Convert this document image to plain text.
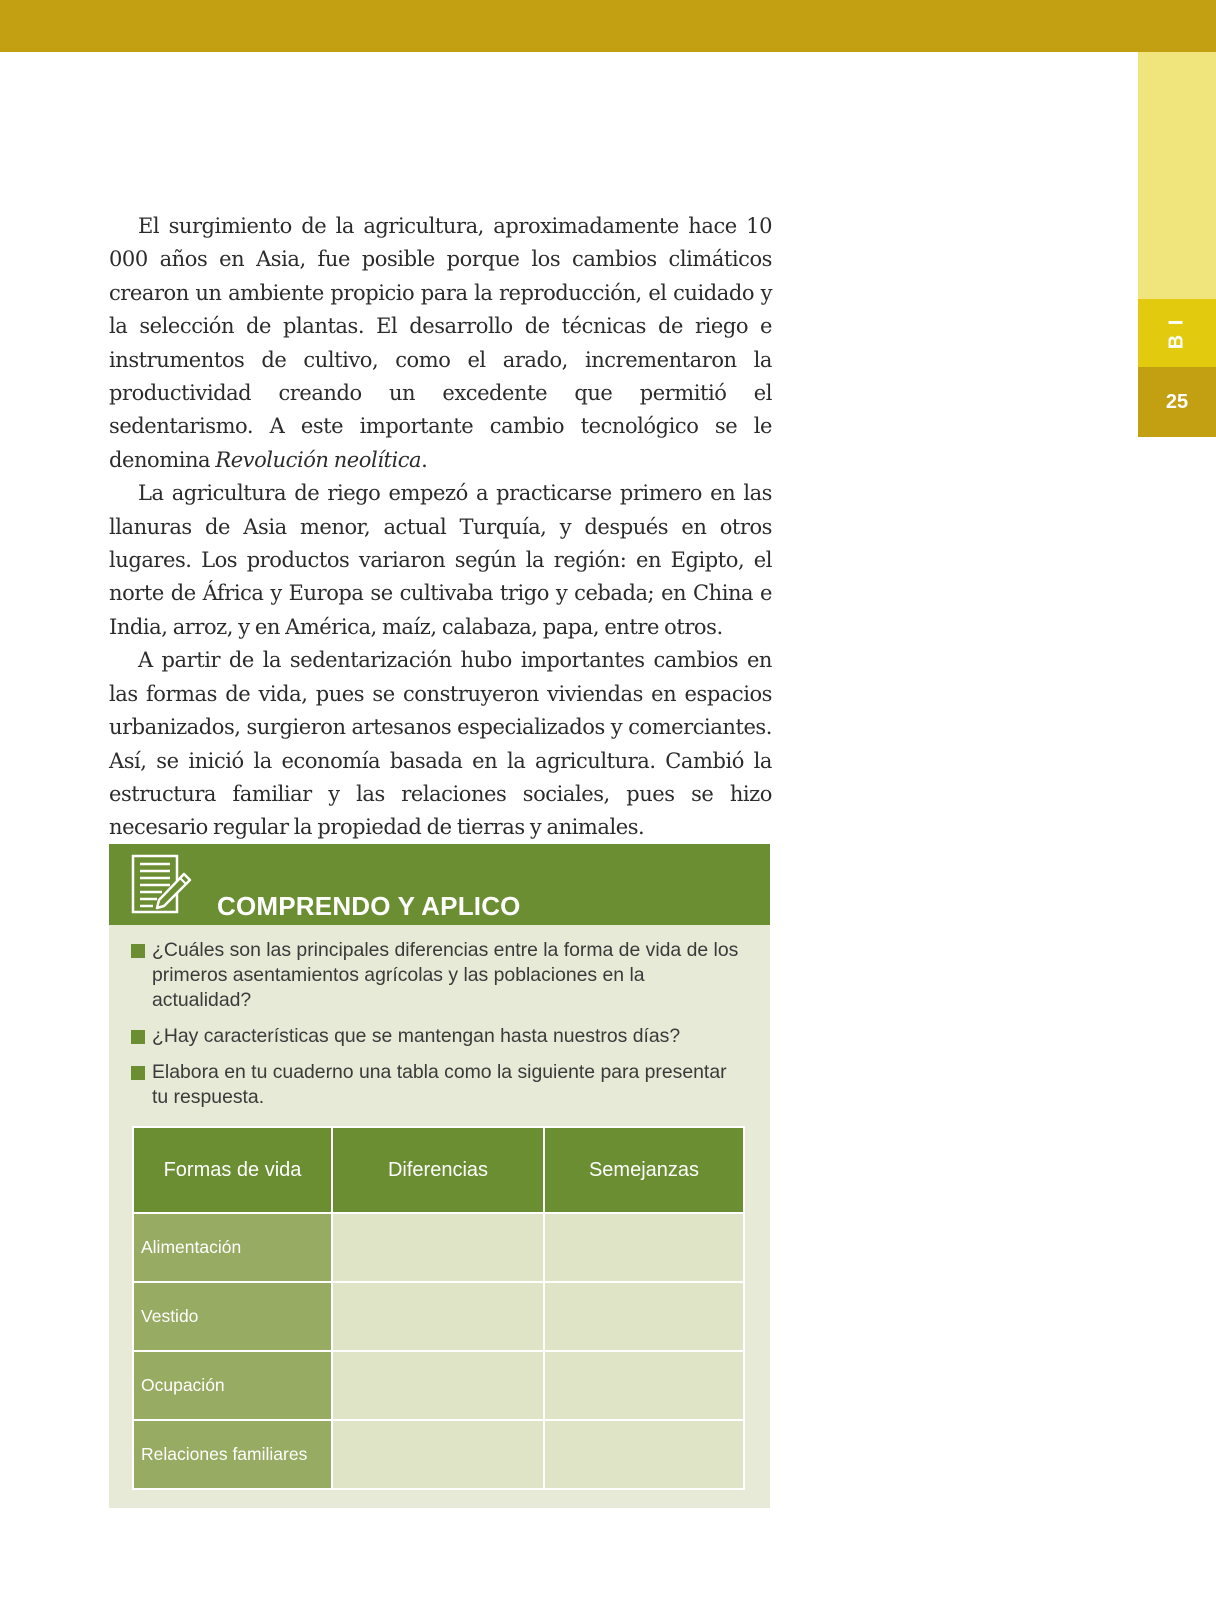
B I
25

El surgimiento de la agricultura, aproximadamente hace 10 000 años en Asia, fue posible porque los cambios climáticos crearon un ambiente propicio para la reproducción, el cuidado y la selección de plantas. El desarrollo de técnicas de riego e instrumentos de cultivo, como el arado, incrementaron la productividad creando un excedente que permitió el sedentarismo. A este importante cambio tecnológico se le denomina Revolución neolítica.

La agricultura de riego empezó a practicarse primero en las llanuras de Asia menor, actual Turquía, y después en otros lugares. Los productos variaron según la región: en Egipto, el norte de África y Europa se cultivaba trigo y cebada; en China e India, arroz, y en América, maíz, calabaza, papa, entre otros.

A partir de la sedentarización hubo importantes cambios en las formas de vida, pues se construyeron viviendas en espacios urbanizados, surgieron artesanos especializados y comerciantes. Así, se inició la economía basada en la agricultura. Cambió la estructura familiar y las relaciones sociales, pues se hizo necesario regular la propiedad de tierras y animales.

COMPRENDO Y APLICO
¿Cuáles son las principales diferencias entre la forma de vida de los primeros asentamientos agrícolas y las poblaciones en la actualidad?
¿Hay características que se mantengan hasta nuestros días?
Elabora en tu cuaderno una tabla como la siguiente para presentar tu respuesta.
Formas de vida	Diferencias	Semejanzas
Alimentación		
Vestido		
Ocupación		
Relaciones familiares		
